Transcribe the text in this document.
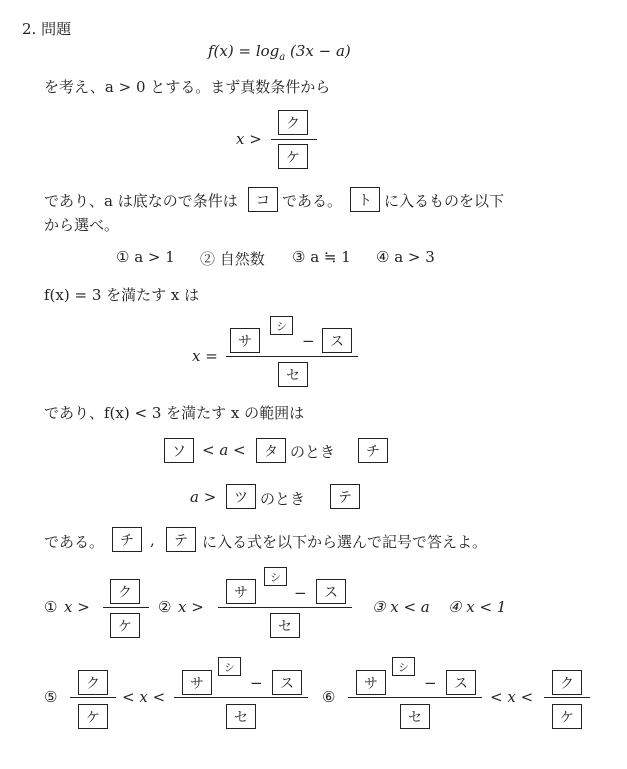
2. 問題
$f(x) = \log_a (3x - a)$
を考え、a > 0 とする。まず真数条件から
x >
ク
ケ
であり、a は底なので条件は	コ である。	ト に入るものを以下
から選べ。
① a > 1 ② 自然数 ③ a ≒ 1 ④ a > 3
f(x) = 3 を満たす x は
x =
サ
シ
−	ス
セ
であり、f(x) < 3 を満たす x の範囲は
ソ	< a <	タ のとき	チ
a >	ツ のとき	テ
である。	チ	,	テ に入る式を以下から選んで記号で答えよ。
① x >
ク
ケ
② x >
サ
シ
−	ス
セ
③ x < a ④ x < 1
⑤
ク
ケ
< x <
サ
シ
−	ス
セ
⑥
サ
シ
−	ス
セ
< x <
ク
ケ
